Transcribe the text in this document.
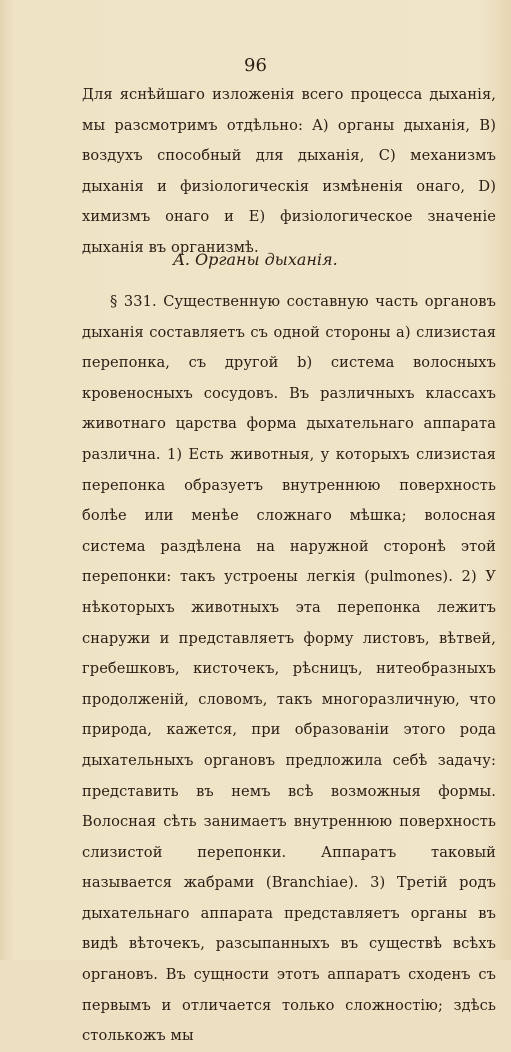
96

Для яснѣйшаго изложенія всего процесса дыханія, мы разсмотримъ отдѣльно: A) органы дыханія, B) воздухъ способный для дыханія, C) механизмъ дыханія и физіологическія измѣненія онаго, D) химизмъ онаго и E) физіологическое значеніе дыханія въ организмѣ.

A. Органы дыханія.

§ 331. Существенную составную часть органовъ дыханія составляетъ съ одной стороны a) слизистая перепонка, съ другой b) система волосныхъ кровеносныхъ сосудовъ. Въ различныхъ классахъ животнаго царства форма дыхательнаго аппарата различна. 1) Есть животныя, у которыхъ слизистая перепонка образуетъ внутреннюю поверхность болѣе или менѣе сложнаго мѣшка; волосная система раздѣлена на наружной сторонѣ этой перепонки: такъ устроены легкія (pulmones). 2) У нѣкоторыхъ животныхъ эта перепонка лежитъ снаружи и представляетъ форму листовъ, вѣтвей, гребешковъ, кисточекъ, рѣсницъ, нитеобразныхъ продолженій, словомъ, такъ многоразличную, что природа, кажется, при образованіи этого рода дыхательныхъ органовъ предложила себѣ задачу: представить въ немъ всѣ возможныя формы. Волосная сѣть занимаетъ внутреннюю поверхность слизистой перепонки. Аппаратъ таковый называется жабрами (Branchiae). 3) Третій родъ дыхательнаго аппарата представляетъ органы въ видѣ вѣточекъ, разсыпанныхъ въ существѣ всѣхъ органовъ. Въ сущности этотъ аппаратъ сходенъ съ первымъ и отличается только сложностію; здѣсь столькожъ мы
